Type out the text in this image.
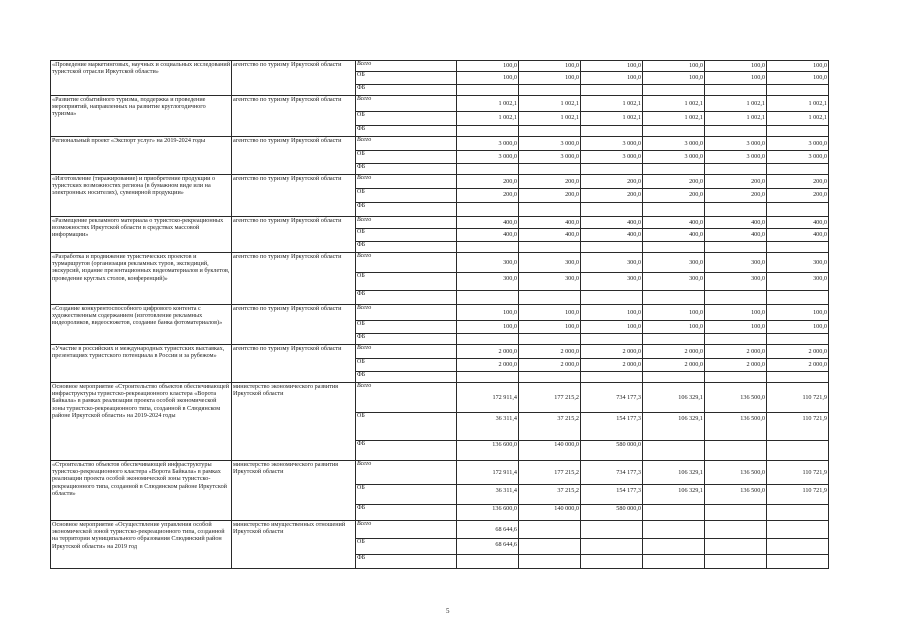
«Проведение маркетинговых, научных и социальных исследований туристской отрасли Иркутской области»	агентство по туризму Иркутской области	Всего	100,0	100,0	100,0	100,0	100,0	100,0
		ОБ	100,0	100,0	100,0	100,0	100,0	100,0
		ФБ						
«Развитие событийного туризма, поддержка и проведение мероприятий, направленных на развитие круглогодичного туризма»	агентство по туризму Иркутской области	Всего	1 002,1	1 002,1	1 002,1	1 002,1	1 002,1	1 002,1
		ОБ	1 002,1	1 002,1	1 002,1	1 002,1	1 002,1	1 002,1
		ФБ						
Региональный проект «Экспорт услуг» на 2019-2024 годы	агентство по туризму Иркутской области	Всего	3 000,0	3 000,0	3 000,0	3 000,0	3 000,0	3 000,0
		ОБ	3 000,0	3 000,0	3 000,0	3 000,0	3 000,0	3 000,0
		ФБ						
«Изготовление (тиражирование) и приобретение продукции о туристских возможностях региона (в бумажном виде или на электронных носителях), сувенирной продукции»	агентство по туризму Иркутской области	Всего	200,0	200,0	200,0	200,0	200,0	200,0
		ОБ	200,0	200,0	200,0	200,0	200,0	200,0
		ФБ						
«Размещение рекламного материала о туристско-рекреационных возможностях Иркутской области в средствах массовой информации»	агентство по туризму Иркутской области	Всего	400,0	400,0	400,0	400,0	400,0	400,0
		ОБ	400,0	400,0	400,0	400,0	400,0	400,0
		ФБ						
«Разработка и продвижение туристических проектов и турмаршрутов (организация рекламных туров, экспедиций, экскурсий, издание презентационных видеоматериалов и буклетов, проведение круглых столов, конференций)»	агентство по туризму Иркутской области	Всего	300,0	300,0	300,0	300,0	300,0	300,0
		ОБ	300,0	300,0	300,0	300,0	300,0	300,0
		ФБ						
«Создание конкурентоспособного цифрового контента с художественным содержанием (изготовление рекламных видеороликов, видеосюжетов, создание банка фотоматериалов)»	агентство по туризму Иркутской области	Всего	100,0	100,0	100,0	100,0	100,0	100,0
		ОБ	100,0	100,0	100,0	100,0	100,0	100,0
		ФБ						
«Участие в российских и международных туристских выставках, презентациях туристского потенциала в России и за рубежом»	агентство по туризму Иркутской области	Всего	2 000,0	2 000,0	2 000,0	2 000,0	2 000,0	2 000,0
		ОБ	2 000,0	2 000,0	2 000,0	2 000,0	2 000,0	2 000,0
		ФБ						
Основное мероприятие «Строительство объектов обеспечивающей инфраструктуры туристско-рекреационного кластера «Ворота Байкала» в рамках реализации проекта особой экономической зоны туристско-рекреационного типа, созданной в Слюдянском районе Иркутской области» на 2019-2024 годы	министерство экономического развития Иркутской области	Всего	172 911,4	177 215,2	734 177,3	106 329,1	136 500,0	110 721,9
		ОБ	36 311,4	37 215,2	154 177,3	106 329,1	136 500,0	110 721,9
		ФБ	136 600,0	140 000,0	580 000,0			
«Строительство объектов обеспечивающей инфраструктуры туристско-рекреационного кластера «Ворота Байкала» в рамках реализации проекта особой экономической зоны туристско-рекреационного типа, созданной в Слюдянском районе Иркутской области»	министерство экономического развития Иркутской области	Всего	172 911,4	177 215,2	734 177,3	106 329,1	136 500,0	110 721,9
		ОБ	36 311,4	37 215,2	154 177,3	106 329,1	136 500,0	110 721,9
		ФБ	136 600,0	140 000,0	580 000,0			
Основное мероприятие «Осуществление управления особой экономической зоной туристско-рекреационного типа, созданной на территории муниципального образования Слюдянский район Иркутской области» на 2019 год	министерство имущественных отношений Иркутской области	Всего	68 644,6					
		ОБ	68 644,6					
		ФБ						
5
